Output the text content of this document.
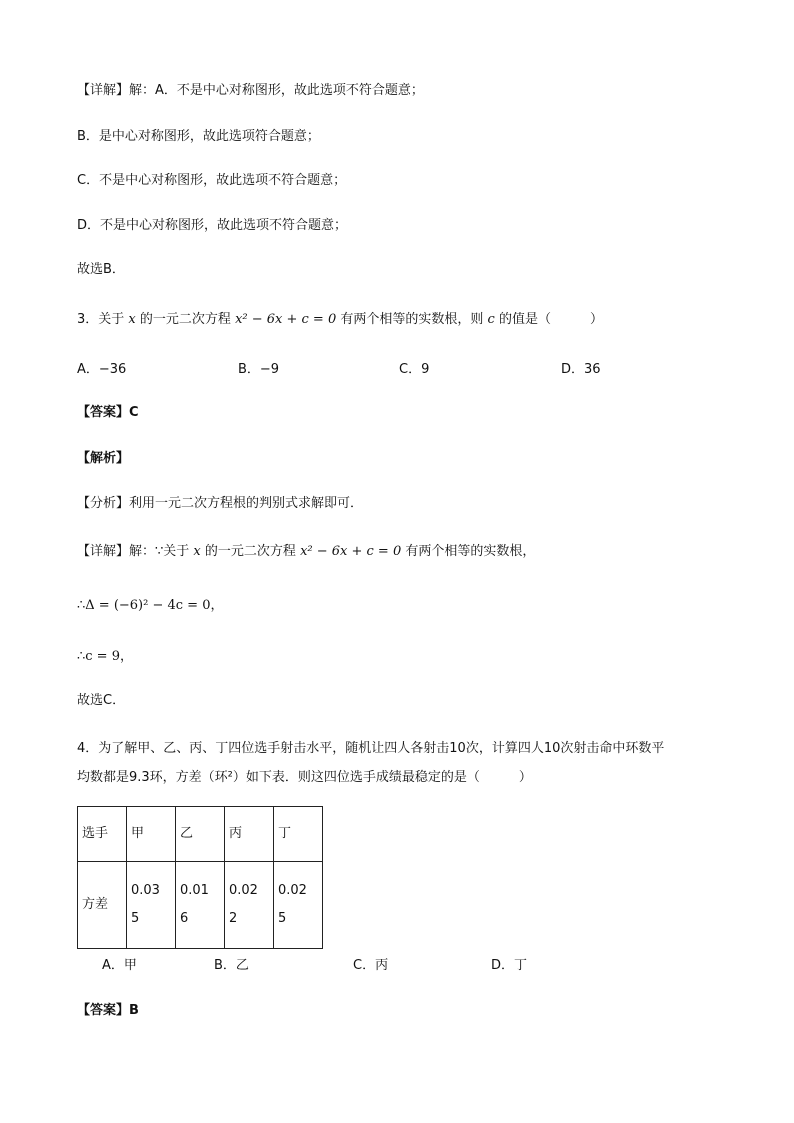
【详解】解：A．不是中心对称图形，故此选项不符合题意；
B．是中心对称图形，故此选项符合题意；
C．不是中心对称图形，故此选项不符合题意；
D．不是中心对称图形，故此选项不符合题意；
故选B．
3．关于 x 的一元二次方程 x² − 6x + c = 0 有两个相等的实数根，则 c 的值是（　　　）
A．−36	B．−9	C．9	D．36
【答案】C
【解析】
【分析】利用一元二次方程根的判别式求解即可．
【详解】解：∵关于 x 的一元二次方程 x² − 6x + c = 0 有两个相等的实数根，
∴Δ = (−6)² − 4c = 0，
∴c = 9，
故选C．
4．为了解甲、乙、丙、丁四位选手射击水平，随机让四人各射击10次，计算四人10次射击命中环数平
均数都是9.3环，方差（环²）如下表．则这四位选手成绩最稳定的是（　　　）
选手	甲	乙	丙	丁
方差	0.035	0.016	0.022	0.025
A．甲	B．乙	C．丙	D．丁
【答案】B
